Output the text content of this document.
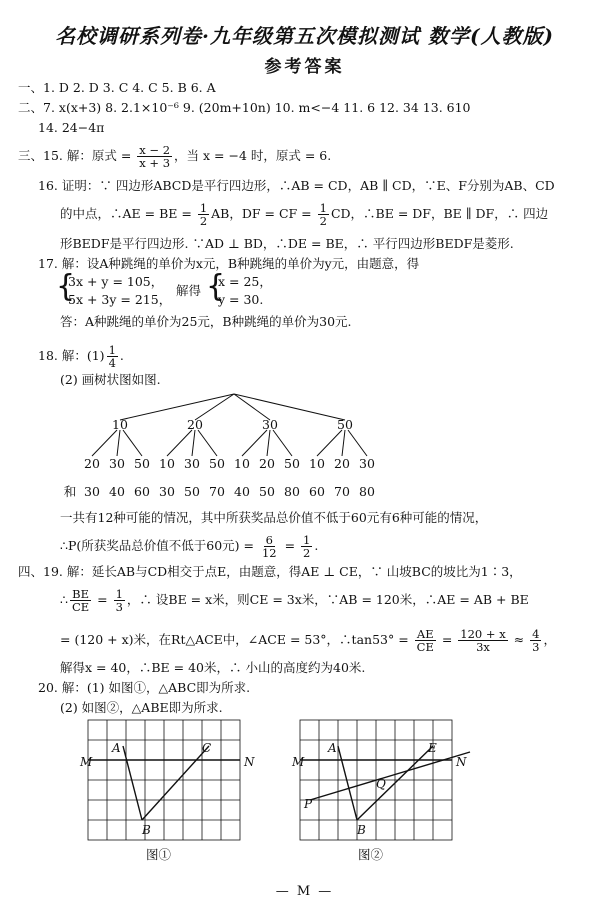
名校调研系列卷·九年级第五次模拟测试 数学(人教版)
参考答案
一、1. D 2. D 3. C 4. C 5. B 6. A
二、7. x(x+3) 8. 2.1×10⁻⁶ 9. (20m+10n) 10. m<−4 11. 6 12. 34 13. 610
14. 24−4π
三、15. 解：原式 = $\frac{x - 2}{x + 3}$ ，当 x = −4 时，原式 = 6.
16. 证明：∵ 四边形ABCD是平行四边形，∴AB = CD，AB ∥ CD，∵E、F分别为AB、CD
的中点，∴AE = BE = $\frac{1}{2}$ AB，DF = CF = $\frac{1}{2}$ CD，∴BE = DF，BE ∥ DF，∴ 四边
形BEDF是平行四边形. ∵AD ⊥ BD，∴DE = BE，∴ 平行四边形BEDF是菱形.
17. 解：设A种跳绳的单价为x元，B种跳绳的单价为y元，由题意，得
{
3x + y = 105，
5x + 3y = 215，
解得 {
x = 25，
y = 30.
答：A种跳绳的单价为25元，B种跳绳的单价为30元.
18. 解：$(1) \frac{1}{4}$ .
(2) 画树状图如图.
10	20	30	50
20 30 50 10 30 50 10 20 50 10 20 30
和 30 40 60 30 50 70 40 50 80 60 70 80
一共有12种可能的情况，其中所获奖品总价值不低于60元有6种可能的情况，
∴P(所获奖品总价值不低于60元) = $\frac{6}{12} = \frac{1}{2}$ .
四、19. 解：延长AB与CD相交于点E，由题意，得AE ⊥ CE，∵ 山坡BC的坡比为1∶3，
∴ $\frac{BE}{CE} = \frac{1}{3}$ ，∴ 设BE = x米，则CE = 3x米，∵AB = 120米，∴AE = AB + BE
= (120 + x)米，在Rt△ACE中，∠ACE = 53°，∴tan53° = $\frac{AE}{CE} = \frac{120 + x}{3x} \approx \frac{4}{3}$ ，
解得x = 40，∴BE = 40米，∴ 小山的高度约为40米.
20. 解：(1) 如图①，△ABC即为所求.
(2) 如图②，△ABE即为所求.
M	N
A
B
C
图①
M	N
A
B
E
P
Q
图②
— M —
